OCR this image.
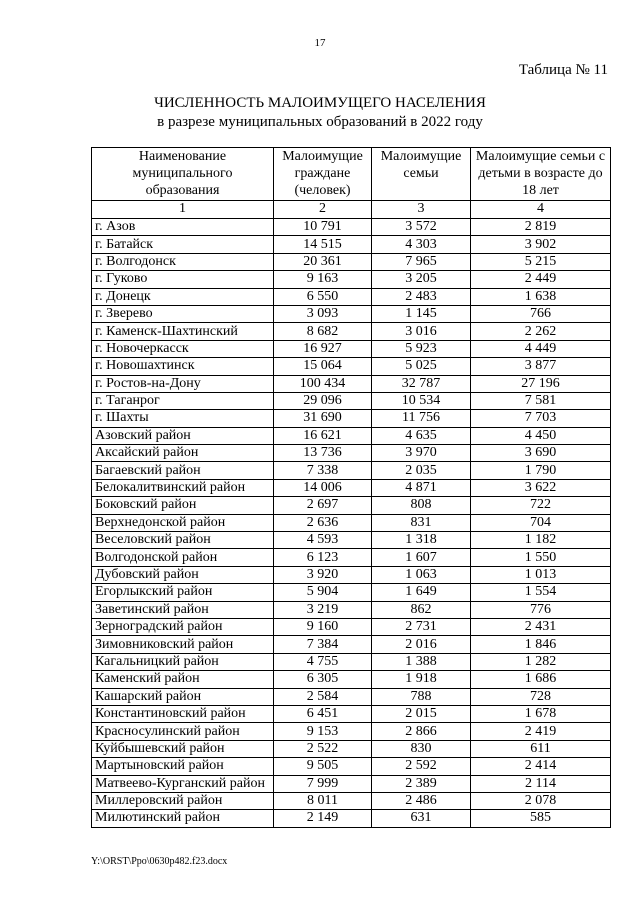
17
Таблица № 11
ЧИСЛЕННОСТЬ МАЛОИМУЩЕГО НАСЕЛЕНИЯ
в разрезе муниципальных образований в 2022 году
Наименование муниципального образования	Малоимущие граждане (человек)	Малоимущие семьи	Малоимущие семьи с детьми в возрасте до 18 лет
1	2	3	4
г. Азов	10 791	3 572	2 819
г. Батайск	14 515	4 303	3 902
г. Волгодонск	20 361	7 965	5 215
г. Гуково	9 163	3 205	2 449
г. Донецк	6 550	2 483	1 638
г. Зверево	3 093	1 145	766
г. Каменск-Шахтинский	8 682	3 016	2 262
г. Новочеркасск	16 927	5 923	4 449
г. Новошахтинск	15 064	5 025	3 877
г. Ростов-на-Дону	100 434	32 787	27 196
г. Таганрог	29 096	10 534	7 581
г. Шахты	31 690	11 756	7 703
Азовский район	16 621	4 635	4 450
Аксайский район	13 736	3 970	3 690
Багаевский район	7 338	2 035	1 790
Белокалитвинский район	14 006	4 871	3 622
Боковский район	2 697	808	722
Верхнедонской район	2 636	831	704
Веселовский район	4 593	1 318	1 182
Волгодонской район	6 123	1 607	1 550
Дубовский район	3 920	1 063	1 013
Егорлыкский район	5 904	1 649	1 554
Заветинский район	3 219	862	776
Зерноградский район	9 160	2 731	2 431
Зимовниковский район	7 384	2 016	1 846
Кагальницкий район	4 755	1 388	1 282
Каменский район	6 305	1 918	1 686
Кашарский район	2 584	788	728
Константиновский район	6 451	2 015	1 678
Красносулинский район	9 153	2 866	2 419
Куйбышевский район	2 522	830	611
Мартыновский район	9 505	2 592	2 414
Матвеево-Курганский район	7 999	2 389	2 114
Миллеровский район	8 011	2 486	2 078
Милютинский район	2 149	631	585
Y:\ORST\Ppo\0630p482.f23.docx
